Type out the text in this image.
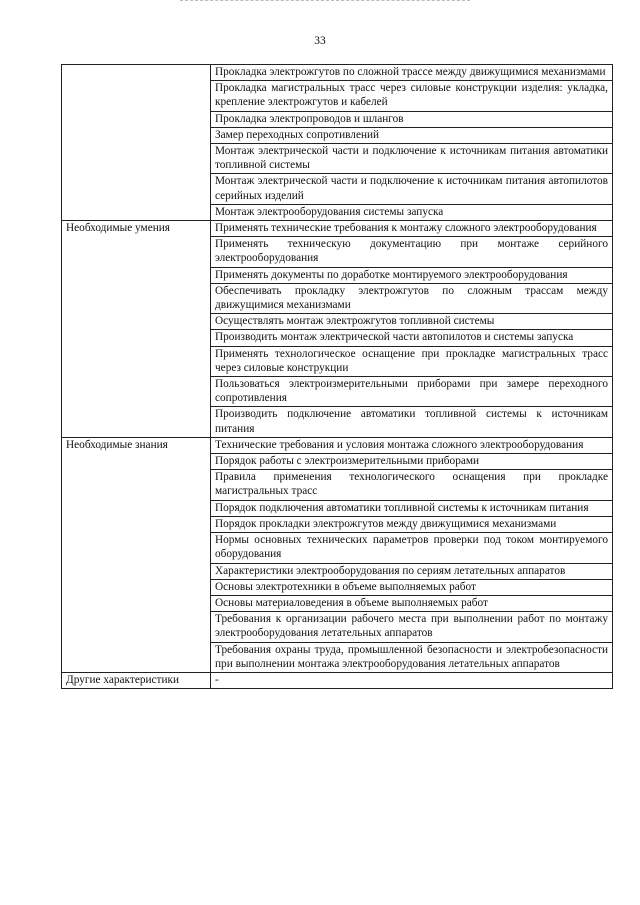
33
	Прокладка электрожгутов по сложной трассе между движущимися механизмами
	Прокладка магистральных трасс через силовые конструкции изделия: укладка, крепление электрожгутов и кабелей
	Прокладка электропроводов и шлангов
	Замер переходных сопротивлений
	Монтаж электрической части и подключение к источникам питания автоматики топливной системы
	Монтаж электрической части и подключение к источникам питания автопилотов серийных изделий
	Монтаж электрооборудования системы запуска
Необходимые умения	Применять технические требования к монтажу сложного электрооборудования
	Применять техническую документацию при монтаже серийного электрооборудования
	Применять документы по доработке монтируемого электрооборудования
	Обеспечивать прокладку электрожгутов по сложным трассам между движущимися механизмами
	Осуществлять монтаж электрожгутов топливной системы
	Производить монтаж электрической части автопилотов и системы запуска
	Применять технологическое оснащение при прокладке магистральных трасс через силовые конструкции
	Пользоваться электроизмерительными приборами при замере переходного сопротивления
	Производить подключение автоматики топливной системы к источникам питания
Необходимые знания	Технические требования и условия монтажа сложного электрооборудования
	Порядок работы с электроизмерительными приборами
	Правила применения технологического оснащения при прокладке магистральных трасс
	Порядок подключения автоматики топливной системы к источникам питания
	Порядок прокладки электрожгутов между движущимися механизмами
	Нормы основных технических параметров проверки под током монтируемого оборудования
	Характеристики электрооборудования по сериям летательных аппаратов
	Основы электротехники в объеме выполняемых работ
	Основы материаловедения в объеме выполняемых работ
	Требования к организации рабочего места при выполнении работ по монтажу электрооборудования летательных аппаратов
	Требования охраны труда, промышленной безопасности и электробезопасности при выполнении монтажа электрооборудования летательных аппаратов
Другие характеристики	-
